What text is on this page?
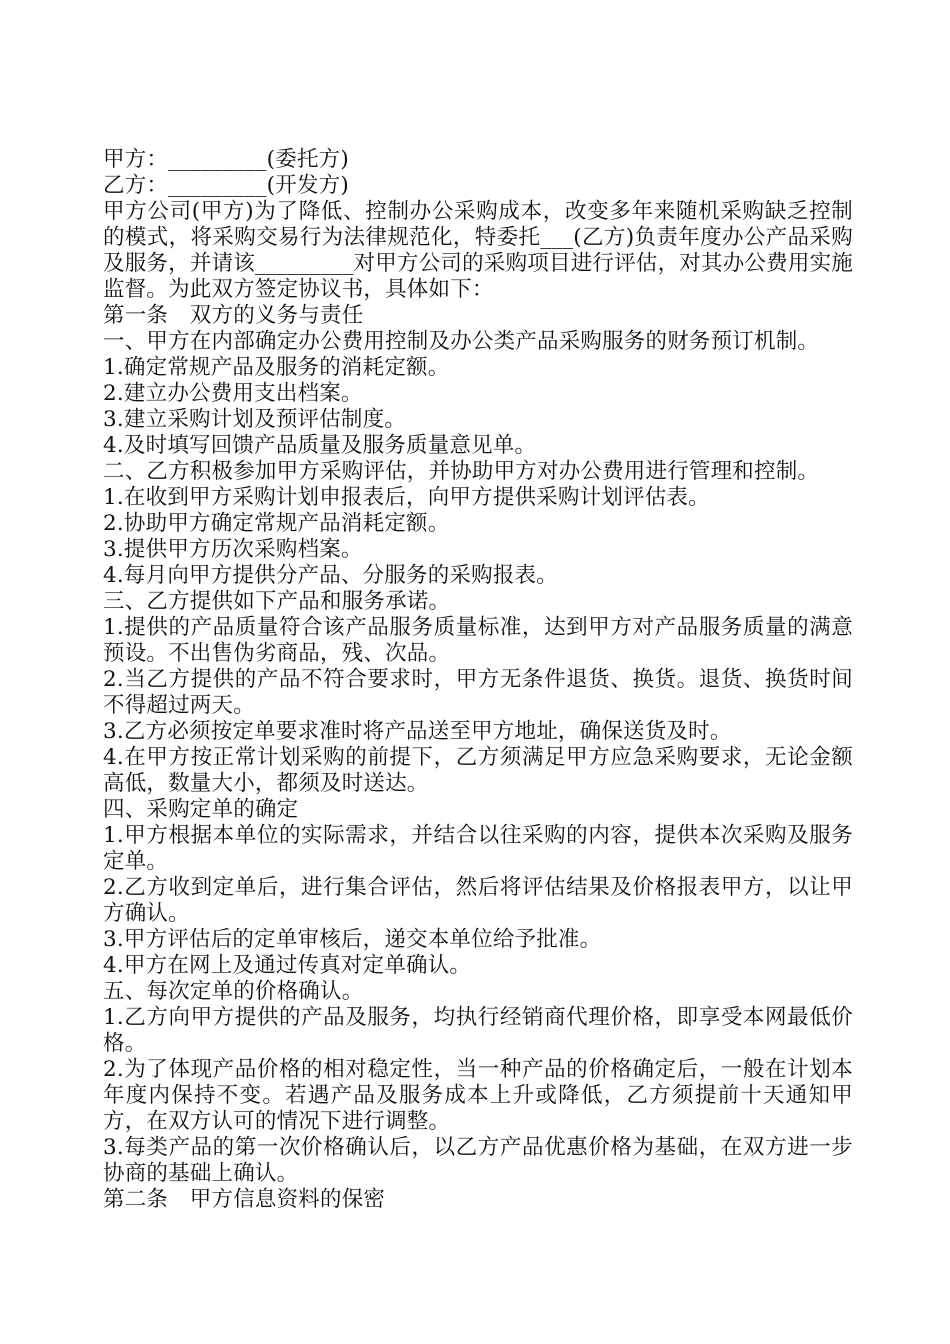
甲方：_________(委托方)

乙方：_________(开发方)

甲方公司(甲方)为了降低、控制办公采购成本，改变多年来随机采购缺乏控制的模式，将采购交易行为法律规范化，特委托___(乙方)负责年度办公产品采购及服务，并请该_________对甲方公司的采购项目进行评估，对其办公费用实施监督。为此双方签定协议书，具体如下：

第一条　双方的义务与责任

一、甲方在内部确定办公费用控制及办公类产品采购服务的财务预订机制。

1.确定常规产品及服务的消耗定额。

2.建立办公费用支出档案。

3.建立采购计划及预评估制度。

4.及时填写回馈产品质量及服务质量意见单。

二、乙方积极参加甲方采购评估，并协助甲方对办公费用进行管理和控制。

1.在收到甲方采购计划申报表后，向甲方提供采购计划评估表。

2.协助甲方确定常规产品消耗定额。

3.提供甲方历次采购档案。

4.每月向甲方提供分产品、分服务的采购报表。

三、乙方提供如下产品和服务承诺。

1.提供的产品质量符合该产品服务质量标准，达到甲方对产品服务质量的满意预设。不出售伪劣商品，残、次品。

2.当乙方提供的产品不符合要求时，甲方无条件退货、换货。退货、换货时间不得超过两天。

3.乙方必须按定单要求准时将产品送至甲方地址，确保送货及时。

4.在甲方按正常计划采购的前提下，乙方须满足甲方应急采购要求，无论金额高低，数量大小，都须及时送达。

四、采购定单的确定

1.甲方根据本单位的实际需求，并结合以往采购的内容，提供本次采购及服务定单。

2.乙方收到定单后，进行集合评估，然后将评估结果及价格报表甲方，以让甲方确认。

3.甲方评估后的定单审核后，递交本单位给予批准。

4.甲方在网上及通过传真对定单确认。

五、每次定单的价格确认。

1.乙方向甲方提供的产品及服务，均执行经销商代理价格，即享受本网最低价格。

2.为了体现产品价格的相对稳定性，当一种产品的价格确定后，一般在计划本年度内保持不变。若遇产品及服务成本上升或降低，乙方须提前十天通知甲方，在双方认可的情况下进行调整。

3.每类产品的第一次价格确认后，以乙方产品优惠价格为基础，在双方进一步协商的基础上确认。

第二条　甲方信息资料的保密
